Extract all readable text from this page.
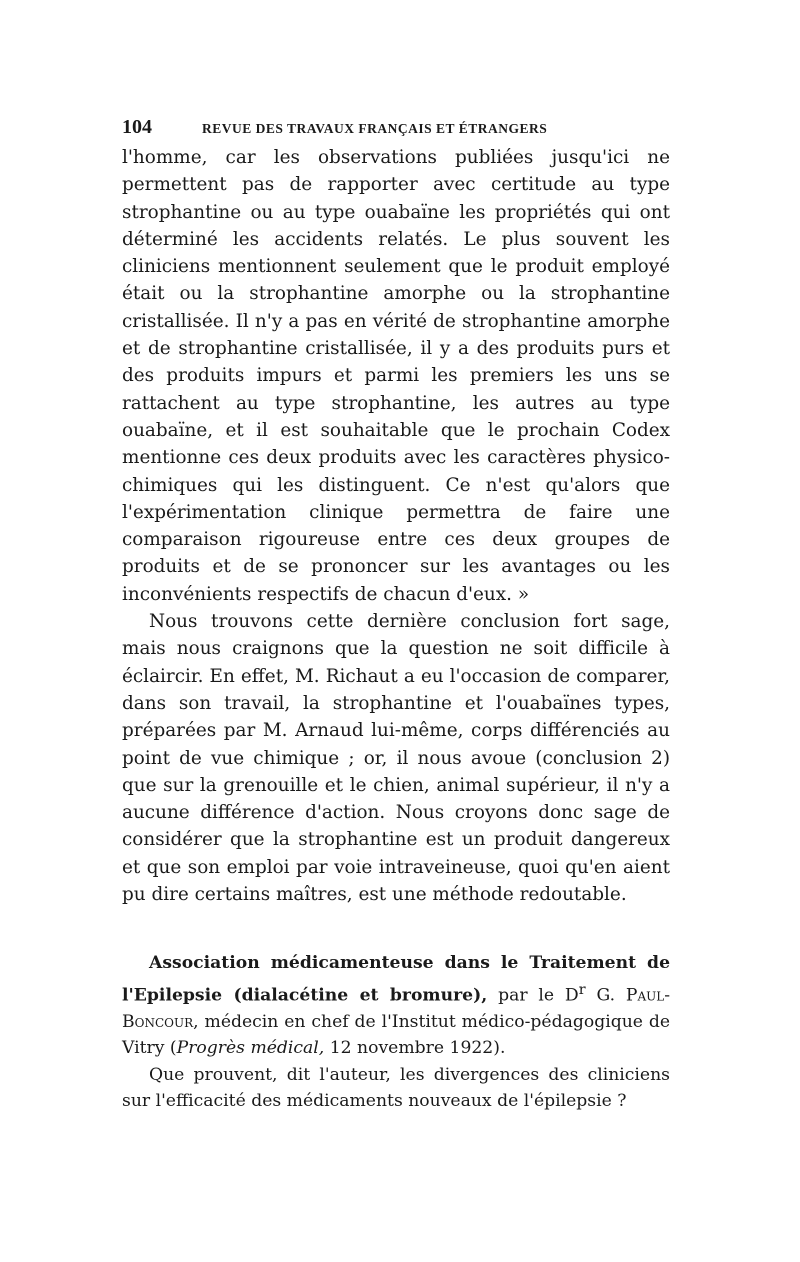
104	REVUE DES TRAVAUX FRANÇAIS ET ÉTRANGERS

l'homme, car les observations publiées jusqu'ici ne permettent pas de rapporter avec certitude au type strophantine ou au type ouabaïne les propriétés qui ont déterminé les accidents relatés. Le plus souvent les cliniciens mentionnent seulement que le produit employé était ou la strophantine amorphe ou la strophantine cristallisée. Il n'y a pas en vérité de strophantine amorphe et de strophantine cristallisée, il y a des produits purs et des produits impurs et parmi les premiers les uns se rattachent au type strophantine, les autres au type ouabaïne, et il est souhaitable que le prochain Codex mentionne ces deux produits avec les caractères physico-chimiques qui les distinguent. Ce n'est qu'alors que l'expérimentation clinique permettra de faire une comparaison rigoureuse entre ces deux groupes de produits et de se prononcer sur les avantages ou les inconvénients respectifs de chacun d'eux. »

Nous trouvons cette dernière conclusion fort sage, mais nous craignons que la question ne soit difficile à éclaircir. En effet, M. Richaut a eu l'occasion de comparer, dans son travail, la strophantine et l'ouabaïnes types, préparées par M. Arnaud lui-même, corps différenciés au point de vue chimique ; or, il nous avoue (conclusion 2) que sur la grenouille et le chien, animal supérieur, il n'y a aucune différence d'action. Nous croyons donc sage de considérer que la strophantine est un produit dangereux et que son emploi par voie intraveineuse, quoi qu'en aient pu dire certains maîtres, est une méthode redoutable.

Association médicamenteuse dans le Traitement de l'Epilepsie (dialacétine et bromure), par le $D^r$ G. Paul-Boncour, médecin en chef de l'Institut médico-pédagogique de Vitry (Progrès médical, 12 novembre 1922).

Que prouvent, dit l'auteur, les divergences des cliniciens sur l'efficacité des médicaments nouveaux de l'épilepsie ?
